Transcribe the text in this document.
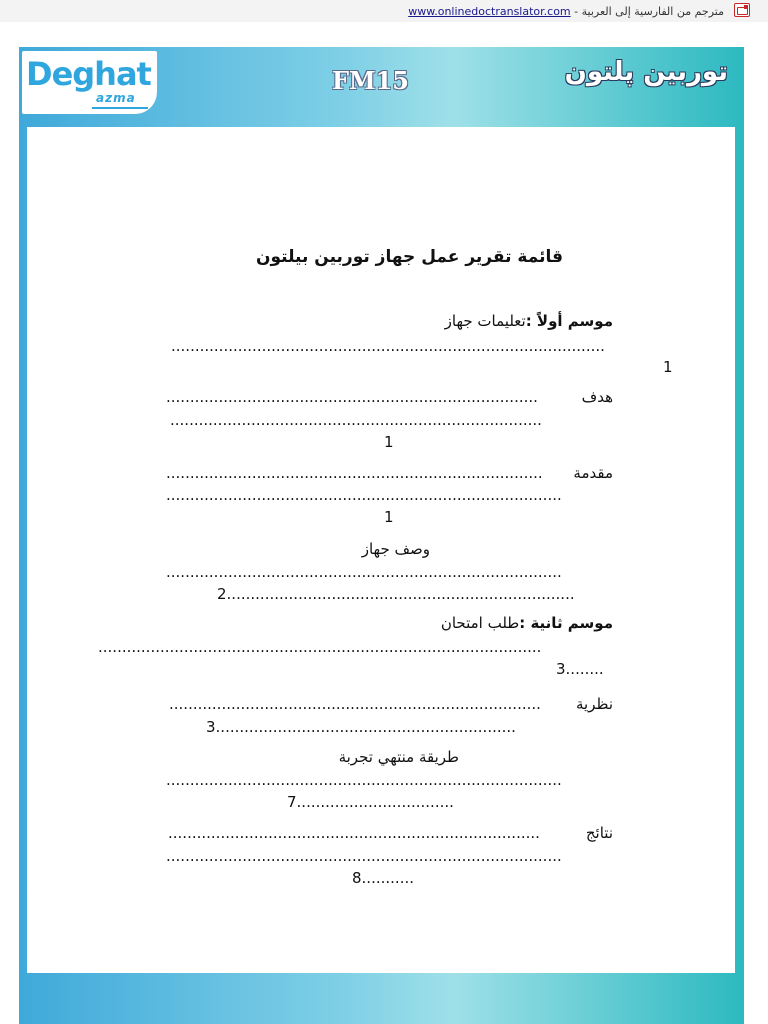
www.onlinedoctranslator.com - مترجم من الفارسية إلى العربية
Deghat
azma
FM15	توربين پلتون
قائمة تقرير عمل جهاز توربين بيلتون
موسم أولاً :تعليمات جهاز
...........................................................................................
1
هدف
..............................................................................
..............................................................................
1
مقدمة
...............................................................................
...................................................................................
1
وصف جهاز
...................................................................................
2.........................................................................
موسم ثانية :طلب امتحان
.............................................................................................
3........
نظرية
..............................................................................
3...............................................................
طريقة منتهي تجربة
...................................................................................
7.................................
نتائج
..............................................................................
...................................................................................
8...........
